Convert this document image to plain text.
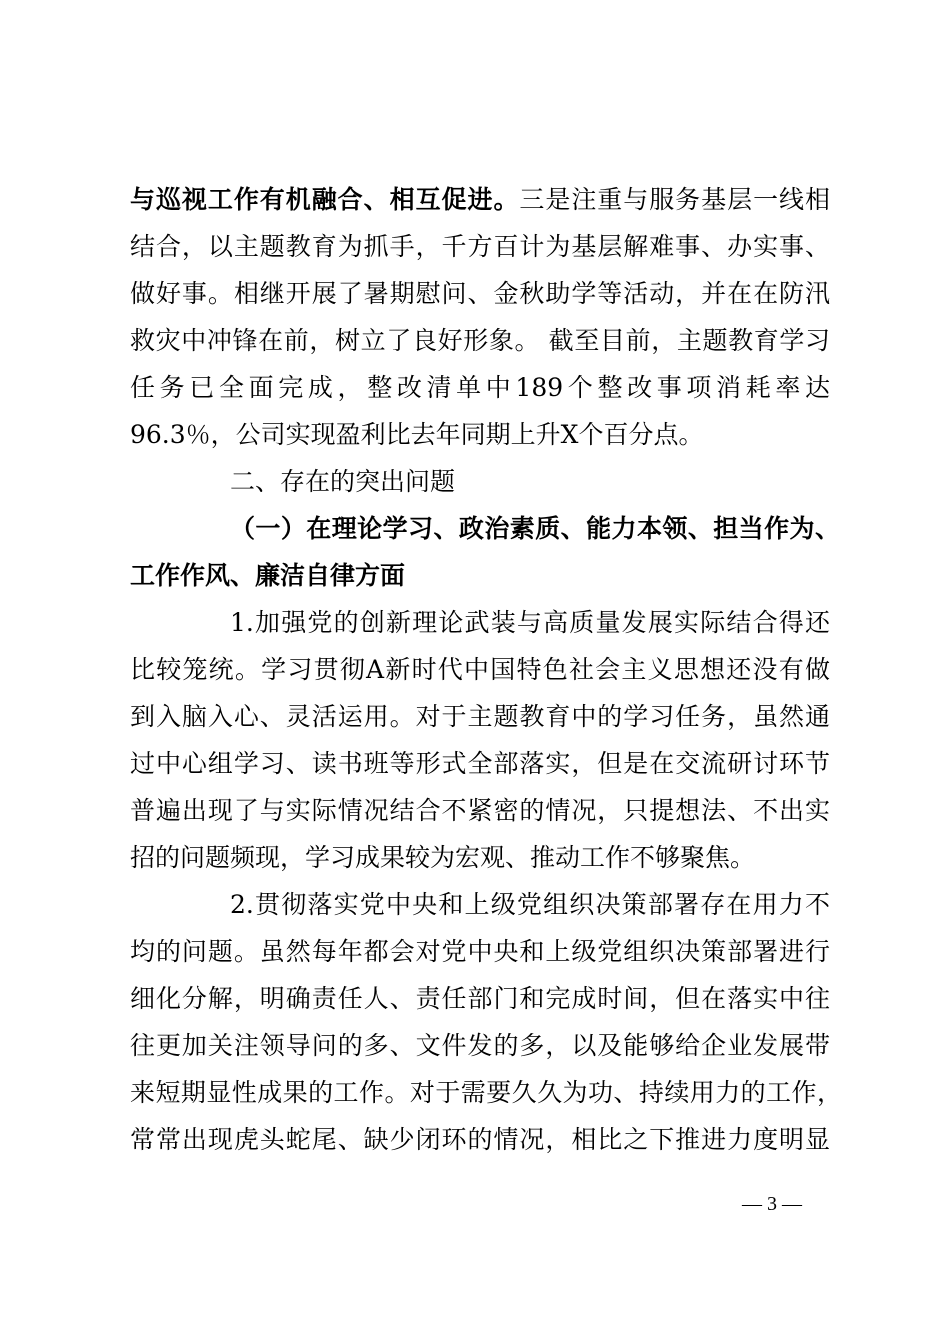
与巡视工作有机融合、相互促进。三是注重与服务基层一线相
结合，以主题教育为抓手，千方百计为基层解难事、办实事、
做好事。相继开展了暑期慰问、金秋助学等活动，并在在防汛
救灾中冲锋在前，树立了良好形象。 截至目前，主题教育学习
任务已全面完成，整改清单中189个整改事项消耗率达
96.3％，公司实现盈利比去年同期上升X个百分点。
二、存在的突出问题
（一）在理论学习、政治素质、能力本领、担当作为、
工作作风、廉洁自律方面
1.加强党的创新理论武装与高质量发展实际结合得还
比较笼统。学习贯彻A新时代中国特色社会主义思想还没有做
到入脑入心、灵活运用。对于主题教育中的学习任务，虽然通
过中心组学习、读书班等形式全部落实，但是在交流研讨环节
普遍出现了与实际情况结合不紧密的情况，只提想法、不出实
招的问题频现，学习成果较为宏观、推动工作不够聚焦。
2.贯彻落实党中央和上级党组织决策部署存在用力不
均的问题。虽然每年都会对党中央和上级党组织决策部署进行
细化分解，明确责任人、责任部门和完成时间，但在落实中往
往更加关注领导问的多、文件发的多，以及能够给企业发展带
来短期显性成果的工作。对于需要久久为功、持续用力的工作，
常常出现虎头蛇尾、缺少闭环的情况，相比之下推进力度明显
— 3 —
